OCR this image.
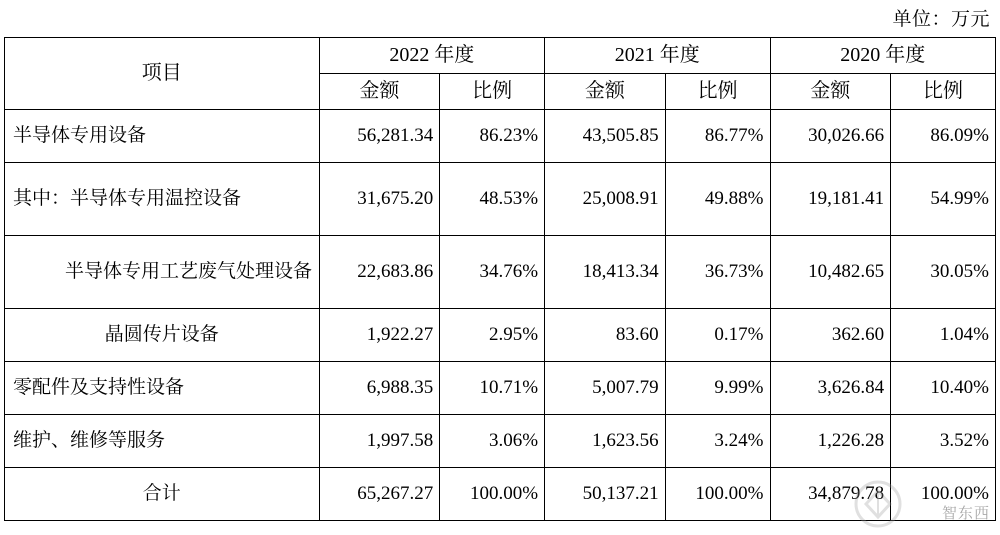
单位：万元
项目	2022 年度		2021 年度		2020 年度	
	金额	比例	金额	比例	金额	比例
半导体专用设备	56,281.34	86.23%	43,505.85	86.77%	30,026.66	86.09%
其中：半导体专用温控设备	31,675.20	48.53%	25,008.91	49.88%	19,181.41	54.99%
半导体专用工艺废气处理设备	22,683.86	34.76%	18,413.34	36.73%	10,482.65	30.05%
晶圆传片设备	1,922.27	2.95%	83.60	0.17%	362.60	1.04%
零配件及支持性设备	6,988.35	10.71%	5,007.79	9.99%	3,626.84	10.40%
维护、维修等服务	1,997.58	3.06%	1,623.56	3.24%	1,226.28	3.52%
合计	65,267.27	100.00%	50,137.21	100.00%	34,879.78	100.00%
智东西
